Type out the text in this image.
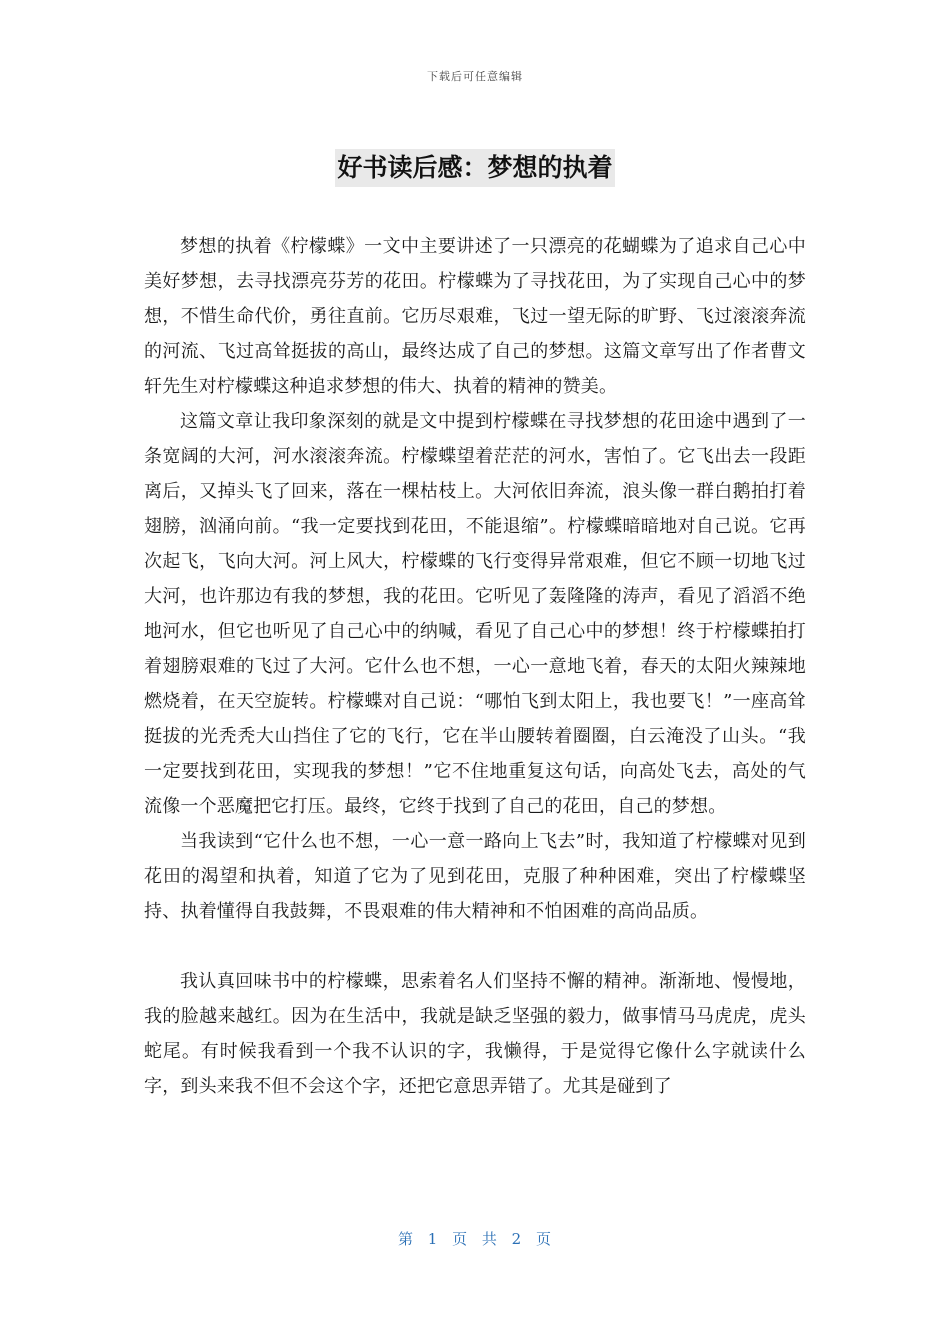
下载后可任意编辑
好书读后感：梦想的执着

梦想的执着《柠檬蝶》一文中主要讲述了一只漂亮的花蝴蝶为了追求自己心中美好梦想，去寻找漂亮芬芳的花田。柠檬蝶为了寻找花田，为了实现自己心中的梦想，不惜生命代价，勇往直前。它历尽艰难，飞过一望无际的旷野、飞过滚滚奔流的河流、飞过高耸挺拔的高山，最终达成了自己的梦想。这篇文章写出了作者曹文轩先生对柠檬蝶这种追求梦想的伟大、执着的精神的赞美。

这篇文章让我印象深刻的就是文中提到柠檬蝶在寻找梦想的花田途中遇到了一条宽阔的大河，河水滚滚奔流。柠檬蝶望着茫茫的河水，害怕了。它飞出去一段距离后，又掉头飞了回来，落在一棵枯枝上。大河依旧奔流，浪头像一群白鹅拍打着翅膀，汹涌向前。“我一定要找到花田，不能退缩”。柠檬蝶暗暗地对自己说。它再次起飞，飞向大河。河上风大，柠檬蝶的飞行变得异常艰难，但它不顾一切地飞过大河，也许那边有我的梦想，我的花田。它听见了轰隆隆的涛声，看见了滔滔不绝地河水，但它也听见了自己心中的纳喊，看见了自己心中的梦想！终于柠檬蝶拍打着翅膀艰难的飞过了大河。它什么也不想，一心一意地飞着，春天的太阳火辣辣地燃烧着，在天空旋转。柠檬蝶对自己说：“哪怕飞到太阳上，我也要飞！”一座高耸挺拔的光秃秃大山挡住了它的飞行，它在半山腰转着圈圈，白云淹没了山头。“我一定要找到花田，实现我的梦想！”它不住地重复这句话，向高处飞去，高处的气流像一个恶魔把它打压。最终，它终于找到了自己的花田，自己的梦想。

当我读到“它什么也不想，一心一意一路向上飞去”时，我知道了柠檬蝶对见到花田的渴望和执着，知道了它为了见到花田，克服了种种困难，突出了柠檬蝶坚持、执着懂得自我鼓舞，不畏艰难的伟大精神和不怕困难的高尚品质。

我认真回味书中的柠檬蝶，思索着名人们坚持不懈的精神。渐渐地、慢慢地，我的脸越来越红。因为在生活中，我就是缺乏坚强的毅力，做事情马马虎虎，虎头蛇尾。有时候我看到一个我不认识的字，我懒得，于是觉得它像什么字就读什么字，到头来我不但不会这个字，还把它意思弄错了。尤其是碰到了

第 1 页 共 2 页
